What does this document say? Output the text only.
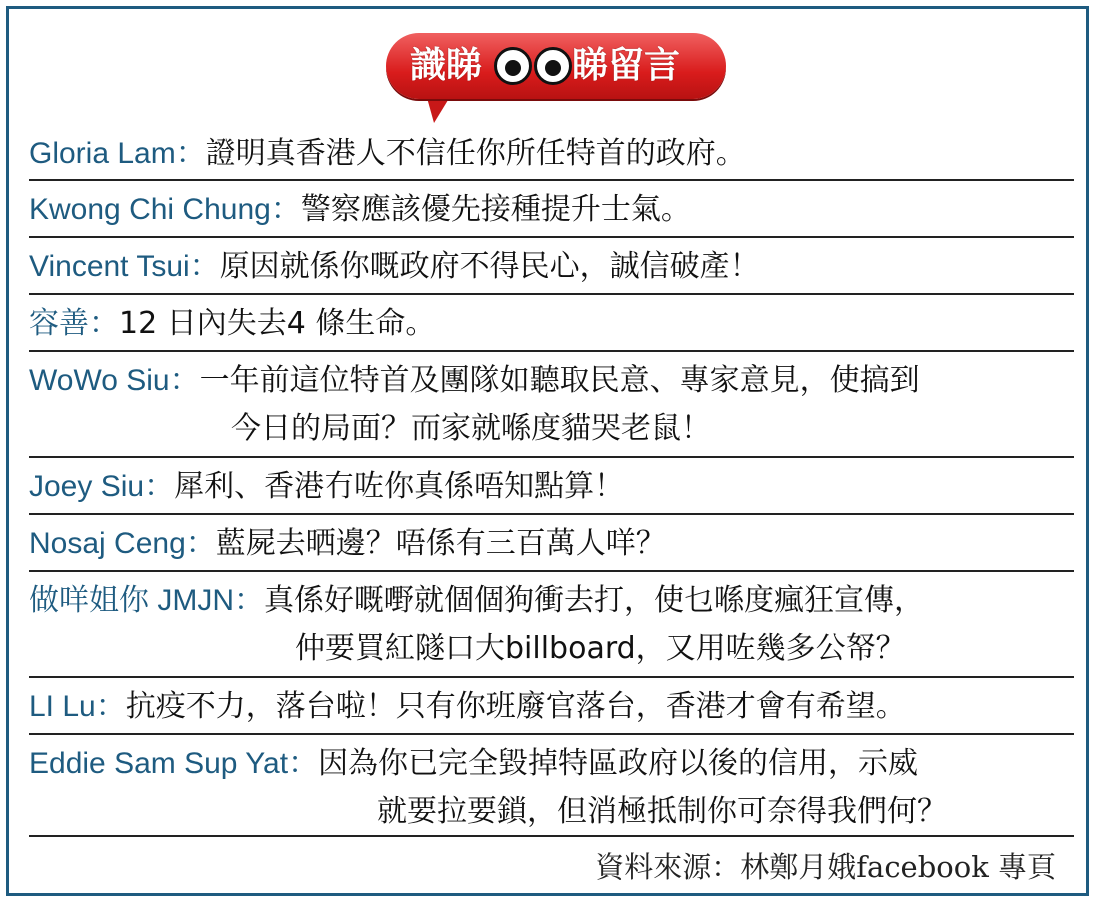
識睇 睇留言
Gloria Lam：證明真香港人不信任你所任特首的政府。
Kwong Chi Chung：警察應該優先接種提升士氣。
Vincent Tsui：原因就係你嘅政府不得民心，誠信破產！
容善：12 日內失去4 條生命。
WoWo Siu：一年前這位特首及團隊如聽取民意、專家意見，使搞到
今日的局面？而家就喺度貓哭老鼠！
Joey Siu：犀利、香港冇咗你真係唔知點算！
Nosaj Ceng：藍屍去晒邊？唔係有三百萬人咩？
做咩姐你 JMJN：真係好嘅嘢就個個狗衝去打，使乜喺度瘋狂宣傳，
仲要買紅隧口大billboard，又用咗幾多公帑？
LI Lu：抗疫不力，落台啦！只有你班廢官落台，香港才會有希望。
Eddie Sam Sup Yat：因為你已完全毀掉特區政府以後的信用，示威
就要拉要鎖，但消極抵制你可奈得我們何？
資料來源：林鄭月娥facebook 專頁
